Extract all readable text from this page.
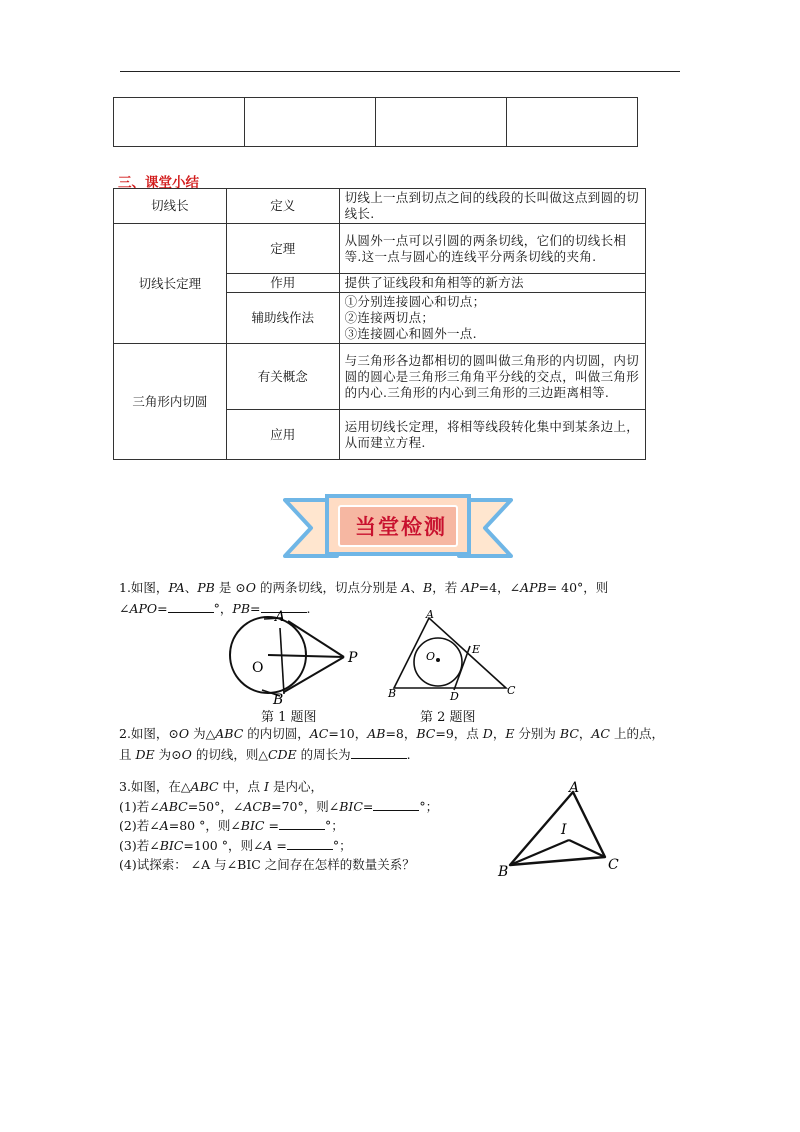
三、课堂小结
切线长	定义	切线上一点到切点之间的线段的长叫做这点到圆的切线长.
切线长定理	定理	从圆外一点可以引圆的两条切线，它们的切线长相等.这一点与圆心的连线平分两条切线的夹角.
	作用	提供了证线段和角相等的新方法
	辅助线作法	①分别连接圆心和切点；
②连接两切点；
③连接圆心和圆外一点.

三角形内切圆	有关概念	与三角形各边都相切的圆叫做三角形的内切圆，内切圆的圆心是三角形三角角平分线的交点，叫做三角形的内心.三角形的内心到三角形的三边距离相等.
	应用	运用切线长定理，将相等线段转化集中到某条边上，从而建立方程.
当堂检测
1.如图，PA、PB 是 ⊙O 的两条切线，切点分别是 A、B，若 AP=4，∠APB= 40°，则
∠APO=	°，PB=	.
A
B
O
P
第 1 题图
A
B	C
D
E
O
第 2 题图
2.如图，⊙O 为△ABC 的内切圆，AC=10，AB=8，BC=9，点 D，E 分别为 BC，AC 上的点，
且 DE 为⊙O 的切线，则△CDE 的周长为	.
3.如图，在△ABC 中，点 I 是内心，
(1)若∠ABC=50°，∠ACB=70°，则∠BIC=	°；
(2)若∠A=80 °，则∠BIC =	°；
(3)若∠BIC=100 °，则∠A =	°；
(4)试探索： ∠A 与∠BIC 之间存在怎样的数量关系？
A
B	C
I
